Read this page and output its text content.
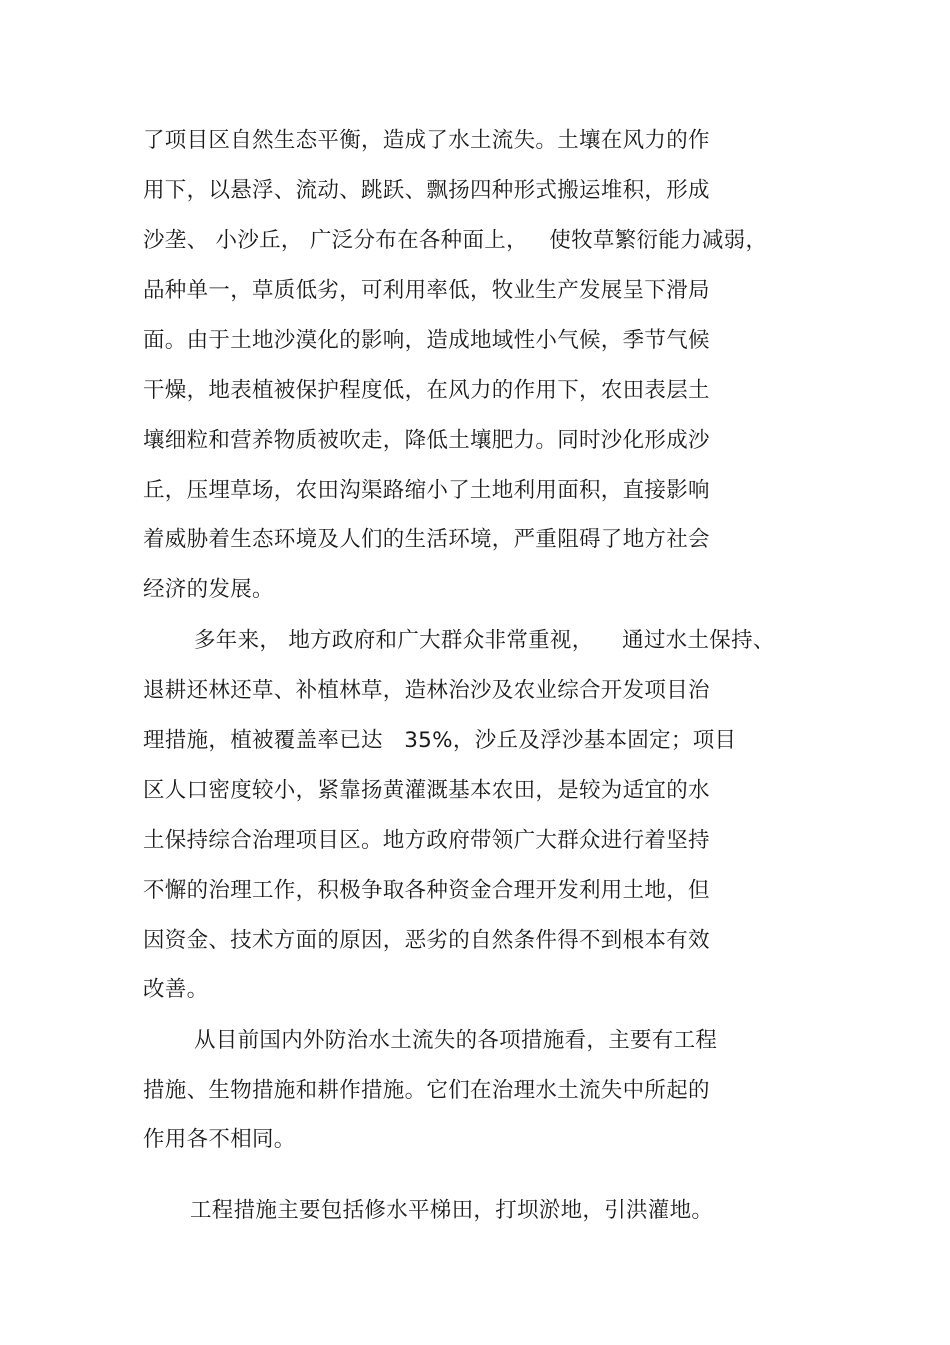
了项目区自然生态平衡，造成了水土流失。土壤在风力的作
用下，以悬浮、流动、跳跃、飘扬四种形式搬运堆积，形成
沙垄、 小沙丘， 广泛分布在各种面上，   使牧草繁衍能力减弱，
品种单一，草质低劣，可利用率低，牧业生产发展呈下滑局
面。由于土地沙漠化的影响，造成地域性小气候，季节气候
干燥，地表植被保护程度低，在风力的作用下，农田表层土
壤细粒和营养物质被吹走，降低土壤肥力。同时沙化形成沙
丘，压埋草场，农田沟渠路缩小了土地利用面积，直接影响
着威胁着生态环境及人们的生活环境，严重阻碍了地方社会
经济的发展。
多年来， 地方政府和广大群众非常重视，    通过水土保持、
退耕还林还草、补植林草，造林治沙及农业综合开发项目治
理措施，植被覆盖率已达   35%，沙丘及浮沙基本固定；项目
区人口密度较小，紧靠扬黄灌溉基本农田，是较为适宜的水
土保持综合治理项目区。地方政府带领广大群众进行着坚持
不懈的治理工作，积极争取各种资金合理开发利用土地，但
因资金、技术方面的原因，恶劣的自然条件得不到根本有效
改善。
从目前国内外防治水土流失的各项措施看，主要有工程
措施、生物措施和耕作措施。它们在治理水土流失中所起的
作用各不相同。
工程措施主要包括修水平梯田，打坝淤地，引洪灌地。
